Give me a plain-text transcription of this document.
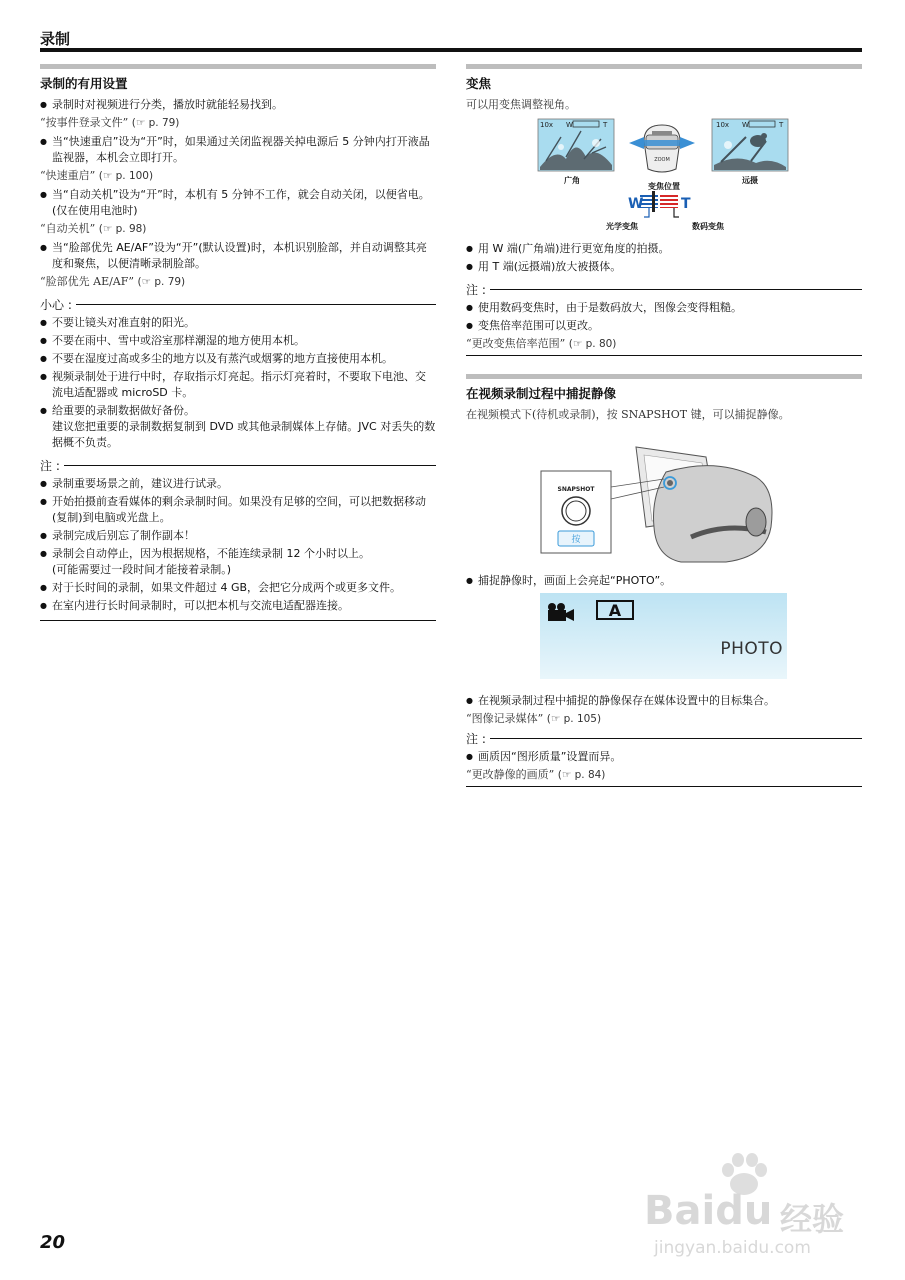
录制
录制的有用设置
● 录制时对视频进行分类，播放时就能轻易找到。
“按事件登录文件” (☞ p. 79)
● 当“快速重启”设为“开”时，如果通过关闭监视器关掉电源后 5 分钟内打开液晶监视器，本机会立即打开。
“快速重启” (☞ p. 100)
● 当“自动关机”设为“开”时，本机有 5 分钟不工作，就会自动关闭，以便省电。(仅在使用电池时)
“自动关机” (☞ p. 98)
● 当“脸部优先 AE/AF”设为“开”(默认设置)时，本机识别脸部，并自动调整其亮度和聚焦，以便清晰录制脸部。
“脸部优先 AE/AF” (☞ p. 79)
小心 :
● 不要让镜头对准直射的阳光。
● 不要在雨中、雪中或浴室那样潮湿的地方使用本机。
● 不要在湿度过高或多尘的地方以及有蒸汽或烟雾的地方直接使用本机。
● 视频录制处于进行中时，存取指示灯亮起。指示灯亮着时，不要取下电池、交流电适配器或 microSD 卡。
● 给重要的录制数据做好备份。
建议您把重要的录制数据复制到 DVD 或其他录制媒体上存储。JVC 对丢失的数据概不负责。
注 :
● 录制重要场景之前，建议进行试录。
● 开始拍摄前查看媒体的剩余录制时间。如果没有足够的空间，可以把数据移动(复制)到电脑或光盘上。
● 录制完成后别忘了制作副本！
● 录制会自动停止，因为根据规格，不能连续录制 12 个小时以上。
(可能需要过一段时间才能接着录制。)
● 对于长时间的录制，如果文件超过 4 GB，会把它分成两个或更多文件。
● 在室内进行长时间录制时，可以把本机与交流电适配器连接。
变焦
可以用变焦调整视角。
10x W	T	10x W	T
ZOOM
W	T
广角
变焦位置
远摄
光学变焦	数码变焦
● 用 W 端(广角端)进行更宽角度的拍摄。
● 用 T 端(远摄端)放大被摄体。
注 :
● 使用数码变焦时，由于是数码放大，图像会变得粗糙。
● 变焦倍率范围可以更改。
“更改变焦倍率范围” (☞ p. 80)
在视频录制过程中捕捉静像
在视频模式下(待机或录制)，按 SNAPSHOT 键，可以捕捉静像。
SNAPSHOT
按
● 捕捉静像时，画面上会亮起“PHOTO”。
A
PHOTO
● 在视频录制过程中捕捉的静像保存在媒体设置中的目标集合。
“图像记录媒体” (☞ p. 105)
注 :
● 画质因“图形质量”设置而异。
“更改静像的画质” (☞ p. 84)
Baidu 经验
jingyan.baidu.com
20
